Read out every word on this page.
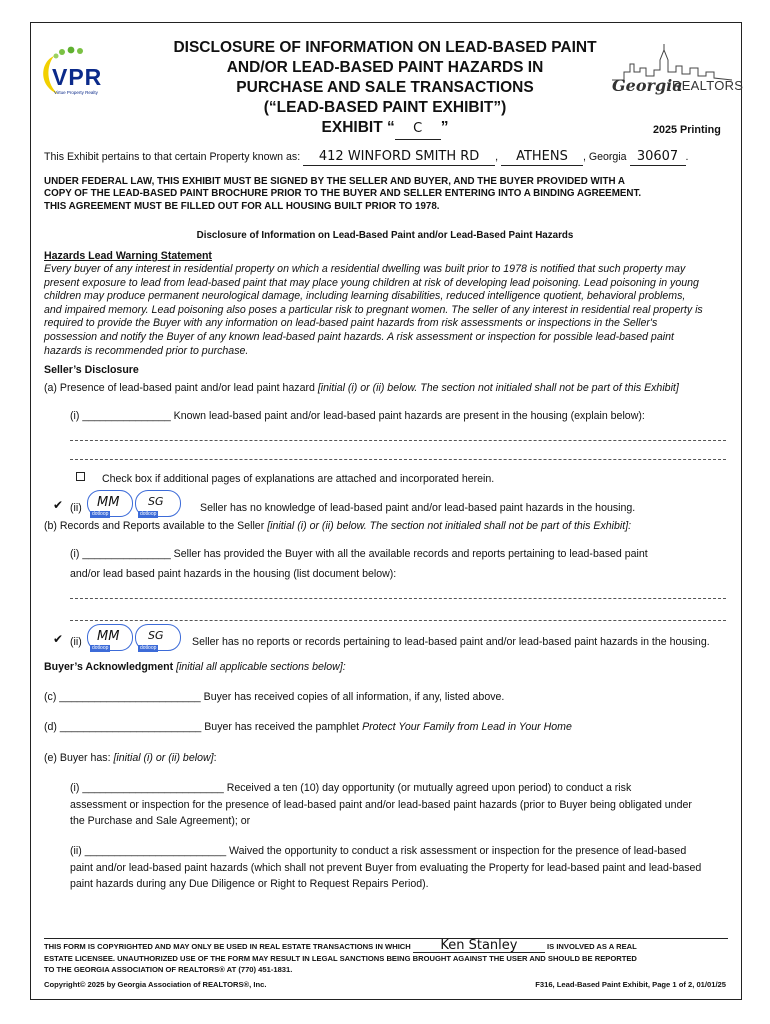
VPR
Virtue Property Realty
DISCLOSURE OF INFORMATION ON LEAD-BASED PAINT
AND/OR LEAD-BASED PAINT HAZARDS IN
PURCHASE AND SALE TRANSACTIONS
(“LEAD-BASED PAINT EXHIBIT”)
EXHIBIT “ C ”
Georgia
REALTORS
2025 Printing
This Exhibit pertains to that certain Property known as: 412 WINFORD SMITH RD , ATHENS , Georgia 30607 .
UNDER FEDERAL LAW, THIS EXHIBIT MUST BE SIGNED BY THE SELLER AND BUYER, AND THE BUYER PROVIDED WITH A
COPY OF THE LEAD-BASED PAINT BROCHURE PRIOR TO THE BUYER AND SELLER ENTERING INTO A BINDING AGREEMENT.
THIS AGREEMENT MUST BE FILLED OUT FOR ALL HOUSING BUILT PRIOR TO 1978.
Disclosure of Information on Lead-Based Paint and/or Lead-Based Paint Hazards
Hazards Lead Warning Statement
Every buyer of any interest in residential property on which a residential dwelling was built prior to 1978 is notified that such property may
present exposure to lead from lead-based paint that may place young children at risk of developing lead poisoning. Lead poisoning in young
children may produce permanent neurological damage, including learning disabilities, reduced intelligence quotient, behavioral problems,
and impaired memory. Lead poisoning also poses a particular risk to pregnant women. The seller of any interest in residential real property is
required to provide the Buyer with any information on lead-based paint hazards from risk assessments or inspections in the Seller's
possession and notify the Buyer of any known lead-based paint hazards. A risk assessment or inspection for possible lead-based paint
hazards is recommended prior to purchase.
Seller’s Disclosure
(a) Presence of lead-based paint and/or lead paint hazard [initial (i) or (ii) below. The section not initialed shall not be part of this Exhibit]
(i) _______________ Known lead-based paint and/or lead-based paint hazards are present in the housing (explain below):
Check box if additional pages of explanations are attached and incorporated herein.
✔ (ii) MM
dotloop
SG
dotloop	Seller has no knowledge of lead-based paint and/or lead-based paint hazards in the housing.
(b) Records and Reports available to the Seller [initial (i) or (ii) below. The section not initialed shall not be part of this Exhibit]:
(i) _______________ Seller has provided the Buyer with all the available records and reports pertaining to lead-based paint
and/or lead based paint hazards in the housing (list document below):
✔ (ii) MM
dotloop
SG
dotloop	Seller has no reports or records pertaining to lead-based paint and/or lead-based paint hazards in the housing.
Buyer’s Acknowledgment [initial all applicable sections below]:
(c) ________________________ Buyer has received copies of all information, if any, listed above.
(d) ________________________ Buyer has received the pamphlet Protect Your Family from Lead in Your Home
(e) Buyer has: [initial (i) or (ii) below]:
(i) ________________________ Received a ten (10) day opportunity (or mutually agreed upon period) to conduct a risk
assessment or inspection for the presence of lead-based paint and/or lead-based paint hazards (prior to Buyer being obligated under
the Purchase and Sale Agreement); or
(ii) ________________________ Waived the opportunity to conduct a risk assessment or inspection for the presence of lead-based
paint and/or lead-based paint hazards (which shall not prevent Buyer from evaluating the Property for lead-based paint and lead-based
paint hazards during any Due Diligence or Right to Request Repairs Period).
THIS FORM IS COPYRIGHTED AND MAY ONLY BE USED IN REAL ESTATE TRANSACTIONS IN WHICH Ken Stanley	IS INVOLVED AS A REAL
ESTATE LICENSEE. UNAUTHORIZED USE OF THE FORM MAY RESULT IN LEGAL SANCTIONS BEING BROUGHT AGAINST THE USER AND SHOULD BE REPORTED
TO THE GEORGIA ASSOCIATION OF REALTORS® AT (770) 451-1831.
Copyright© 2025 by Georgia Association of REALTORS®, Inc.	F316, Lead-Based Paint Exhibit, Page 1 of 2, 01/01/25
